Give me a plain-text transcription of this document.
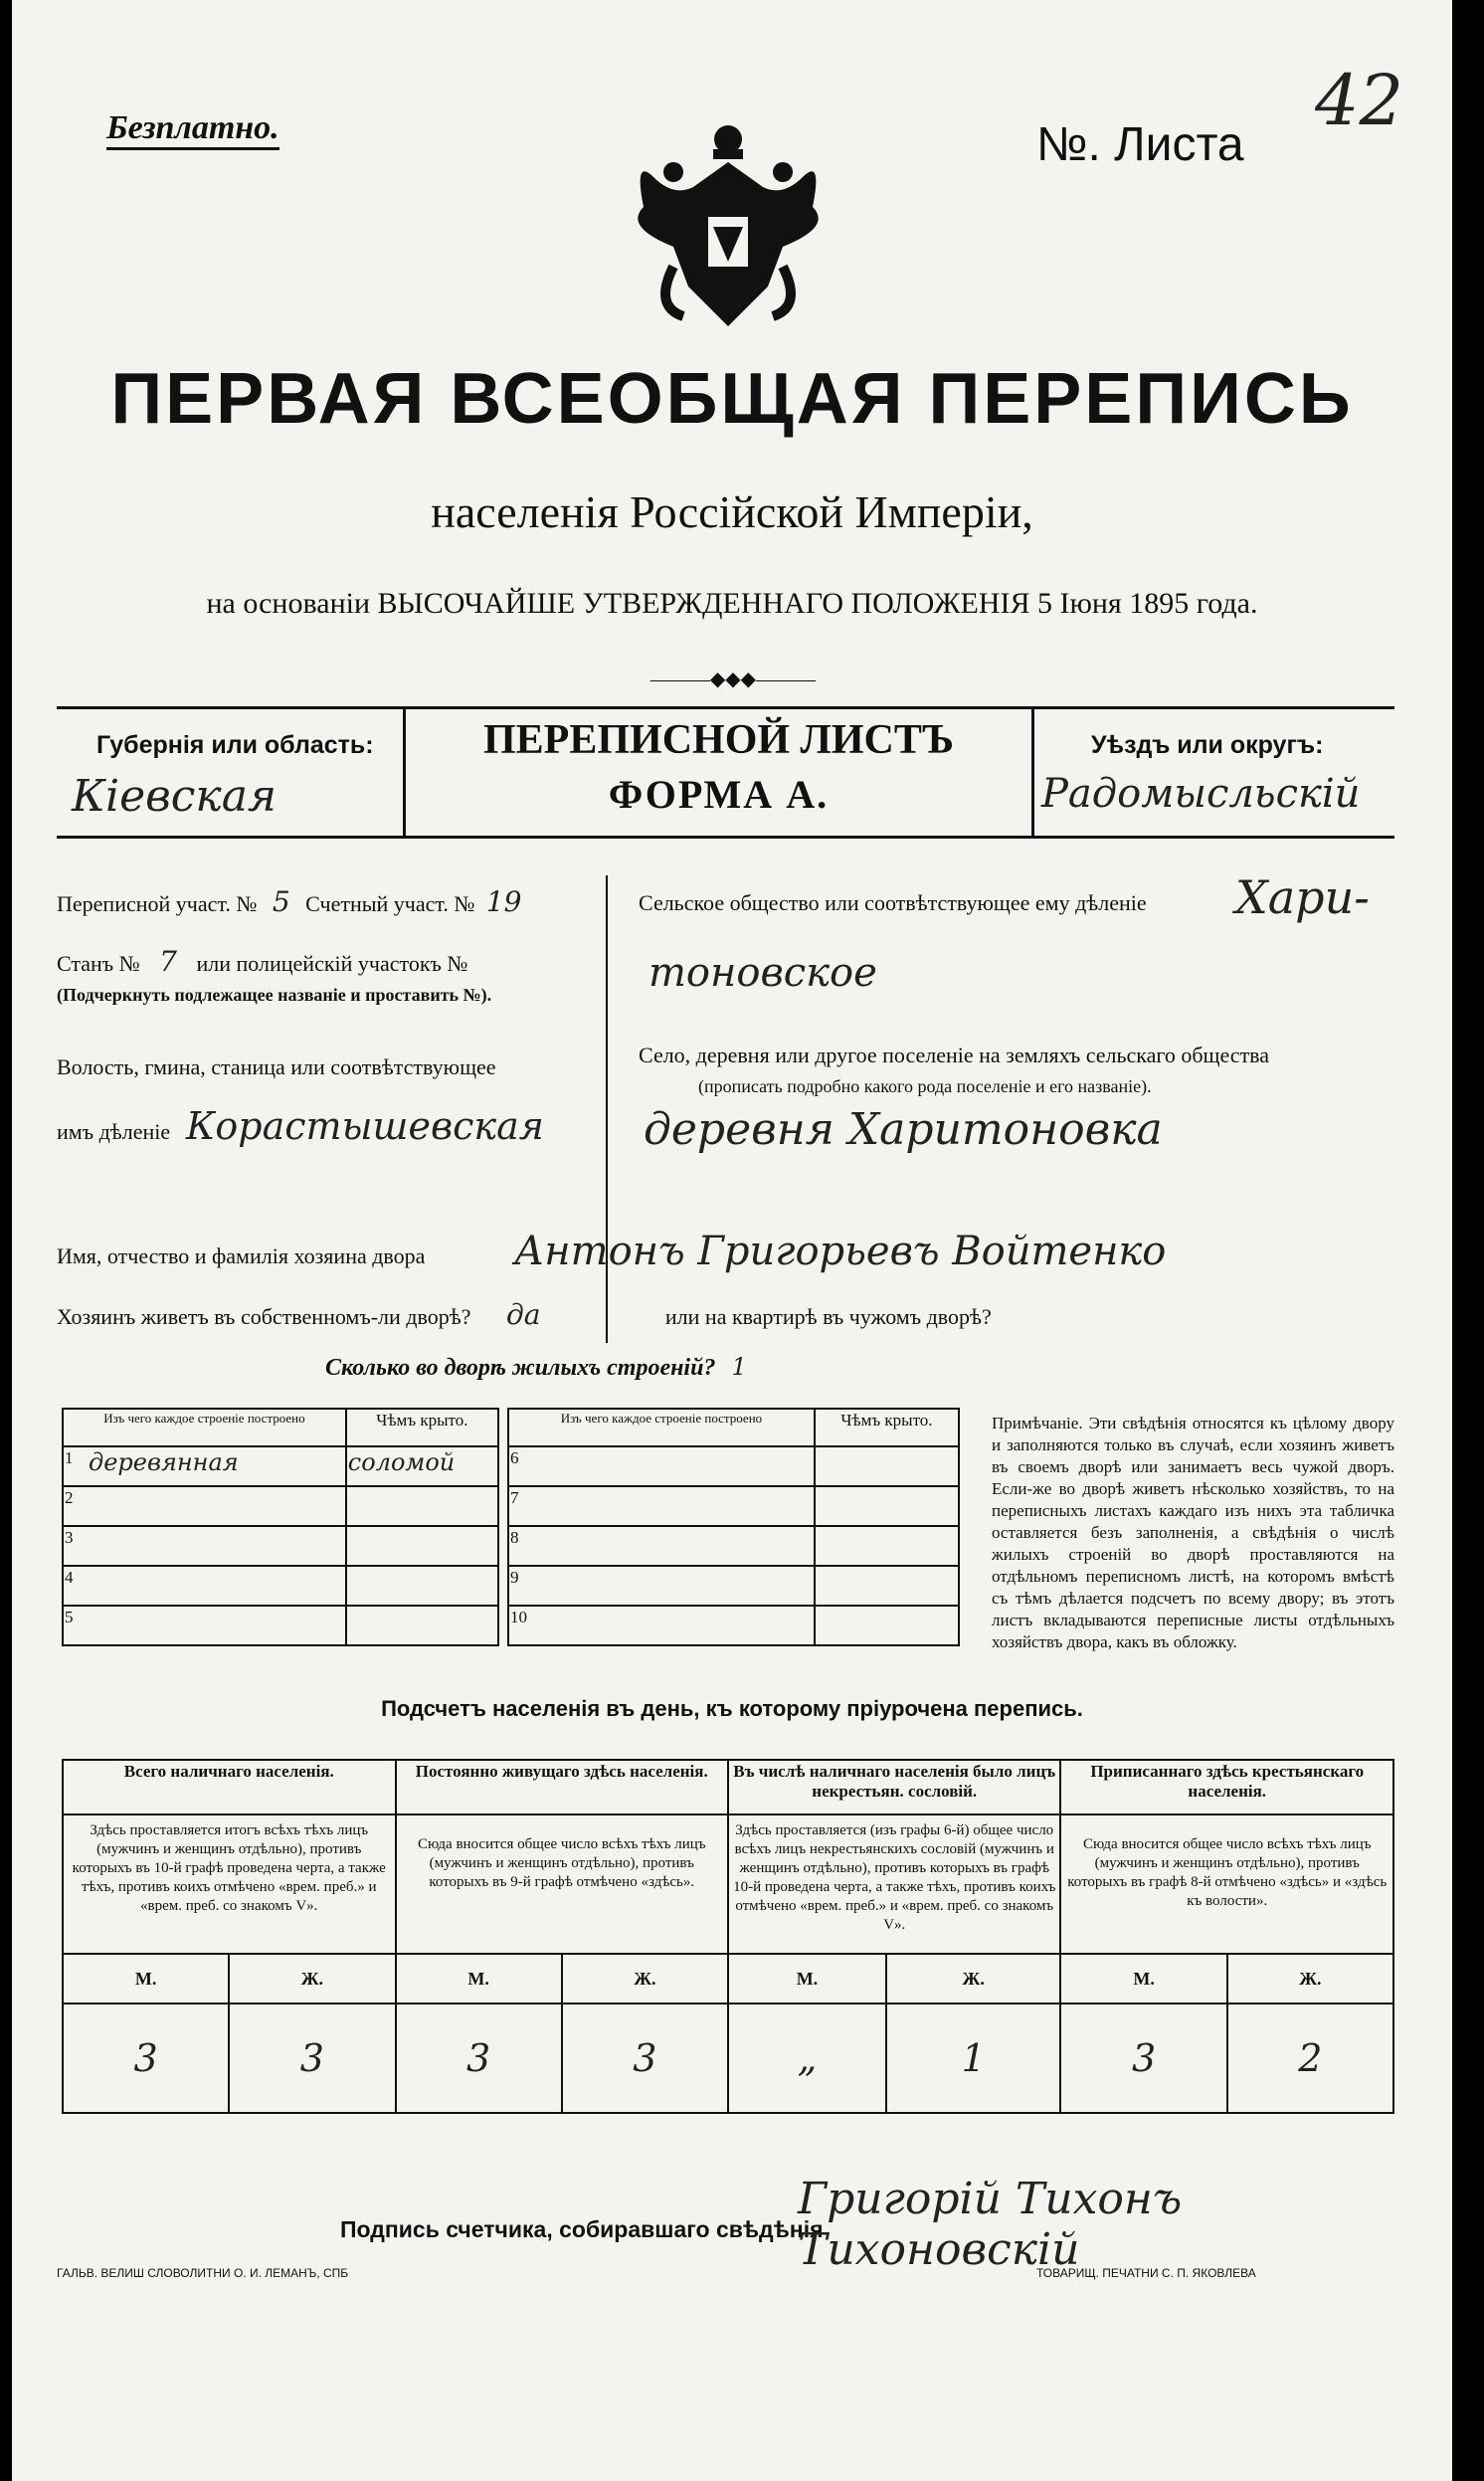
Безплатно.	№. Листа
42
ПЕРВАЯ ВСЕОБЩАЯ ПЕРЕПИСЬ
населенія Россійской Имперіи,
на основаніи ВЫСОЧАЙШЕ УТВЕРЖДЕННАГО ПОЛОЖЕНІЯ 5 Іюня 1895 года.
―――◆◆◆―――
Губернія или область:
Кіевская
ПЕРЕПИСНОЙ ЛИСТЪ
ФОРМА А.
Уѣздъ или округъ:
Радомысльскій
Переписной участ. № 5 Счетный участ. № 19
Станъ № 7 или полицейскій участокъ №
(Подчеркнуть подлежащее названіе и проставить №).
Волость, гмина, станица или соотвѣтствующее
имъ дѣленіе Корастышевская
Сельское общество или соотвѣтствующее ему дѣленіе Хари-
тоновское
Село, деревня или другое поселеніе на земляхъ сельскаго общества
(прописать подробно какого рода поселеніе и его названіе).
деревня Харитоновка
Имя, отчество и фамилія хозяина двора Антонъ Григорьевъ Войтенко
Хозяинъ живетъ въ собственномъ-ли дворѣ? да	или на квартирѣ въ чужомъ дворѣ?
Сколько во дворѣ жилыхъ строеній? 1
Изъ чего каждое строеніе построено		Чѣмъ крыто.
1	деревянная	соломой
2		
3		
4		
5		
Изъ чего каждое строеніе построено		Чѣмъ крыто.
6		
7		
8		
9		
10		
Примѣчаніе. Эти свѣдѣнія относятся къ цѣлому двору и заполняются только въ случаѣ, если хозяинъ живетъ въ своемъ дворѣ или занимаетъ весь чужой дворъ. Если-же во дворѣ живетъ нѣсколько хозяйствъ, то на переписныхъ листахъ каждаго изъ нихъ эта табличка оставляется безъ заполненія, а свѣдѣнія о числѣ жилыхъ строеній во дворѣ проставляются на отдѣльномъ переписномъ листѣ, на которомъ вмѣстѣ съ тѣмъ дѣлается подсчетъ по всему двору; въ этотъ листъ вкладываются переписные листы отдѣльныхъ хозяйствъ двора, какъ въ обложку.
Подсчетъ населенія въ день, къ которому пріурочена перепись.
Всего наличнаго населенія.		Постоянно живущаго здѣсь населенія.		Въ числѣ наличнаго населенія было лицъ некрестьян. сословій.		Приписаннаго здѣсь крестьянскаго населенія.	
Здѣсь проставляется итогъ всѣхъ тѣхъ лицъ (мужчинъ и женщинъ отдѣльно), противъ которыхъ въ 10-й графѣ проведена черта, а также тѣхъ, противъ коихъ отмѣчено «врем. преб.» и «врем. преб. со знакомъ V».		Сюда вносится общее число всѣхъ тѣхъ лицъ (мужчинъ и женщинъ отдѣльно), противъ которыхъ въ 9-й графѣ отмѣчено «здѣсь».		Здѣсь проставляется (изъ графы 6-й) общее число всѣхъ лицъ некрестьянскихъ сословій (мужчинъ и женщинъ отдѣльно), противъ которыхъ въ графѣ 10-й проведена черта, а также тѣхъ, противъ коихъ отмѣчено «врем. преб.» и «врем. преб. со знакомъ V».		Сюда вносится общее число всѣхъ тѣхъ лицъ (мужчинъ и женщинъ отдѣльно), противъ которыхъ въ графѣ 8-й отмѣчено «здѣсь» и «здѣсь къ волости».	
М.	Ж.	М.	Ж.	М.	Ж.	М.	Ж.
3	3	3	3	„	1	3	2
Подпись счетчика, собиравшаго свѣдѣнія
Григорій Тихонъ Тихоновскій
ГАЛЬВ. ВЕЛИШ СЛОВОЛИТНИ О. И. ЛЕМАНЪ, СПБ	ТОВАРИЩ. ПЕЧАТНИ С. П. ЯКОВЛЕВА
